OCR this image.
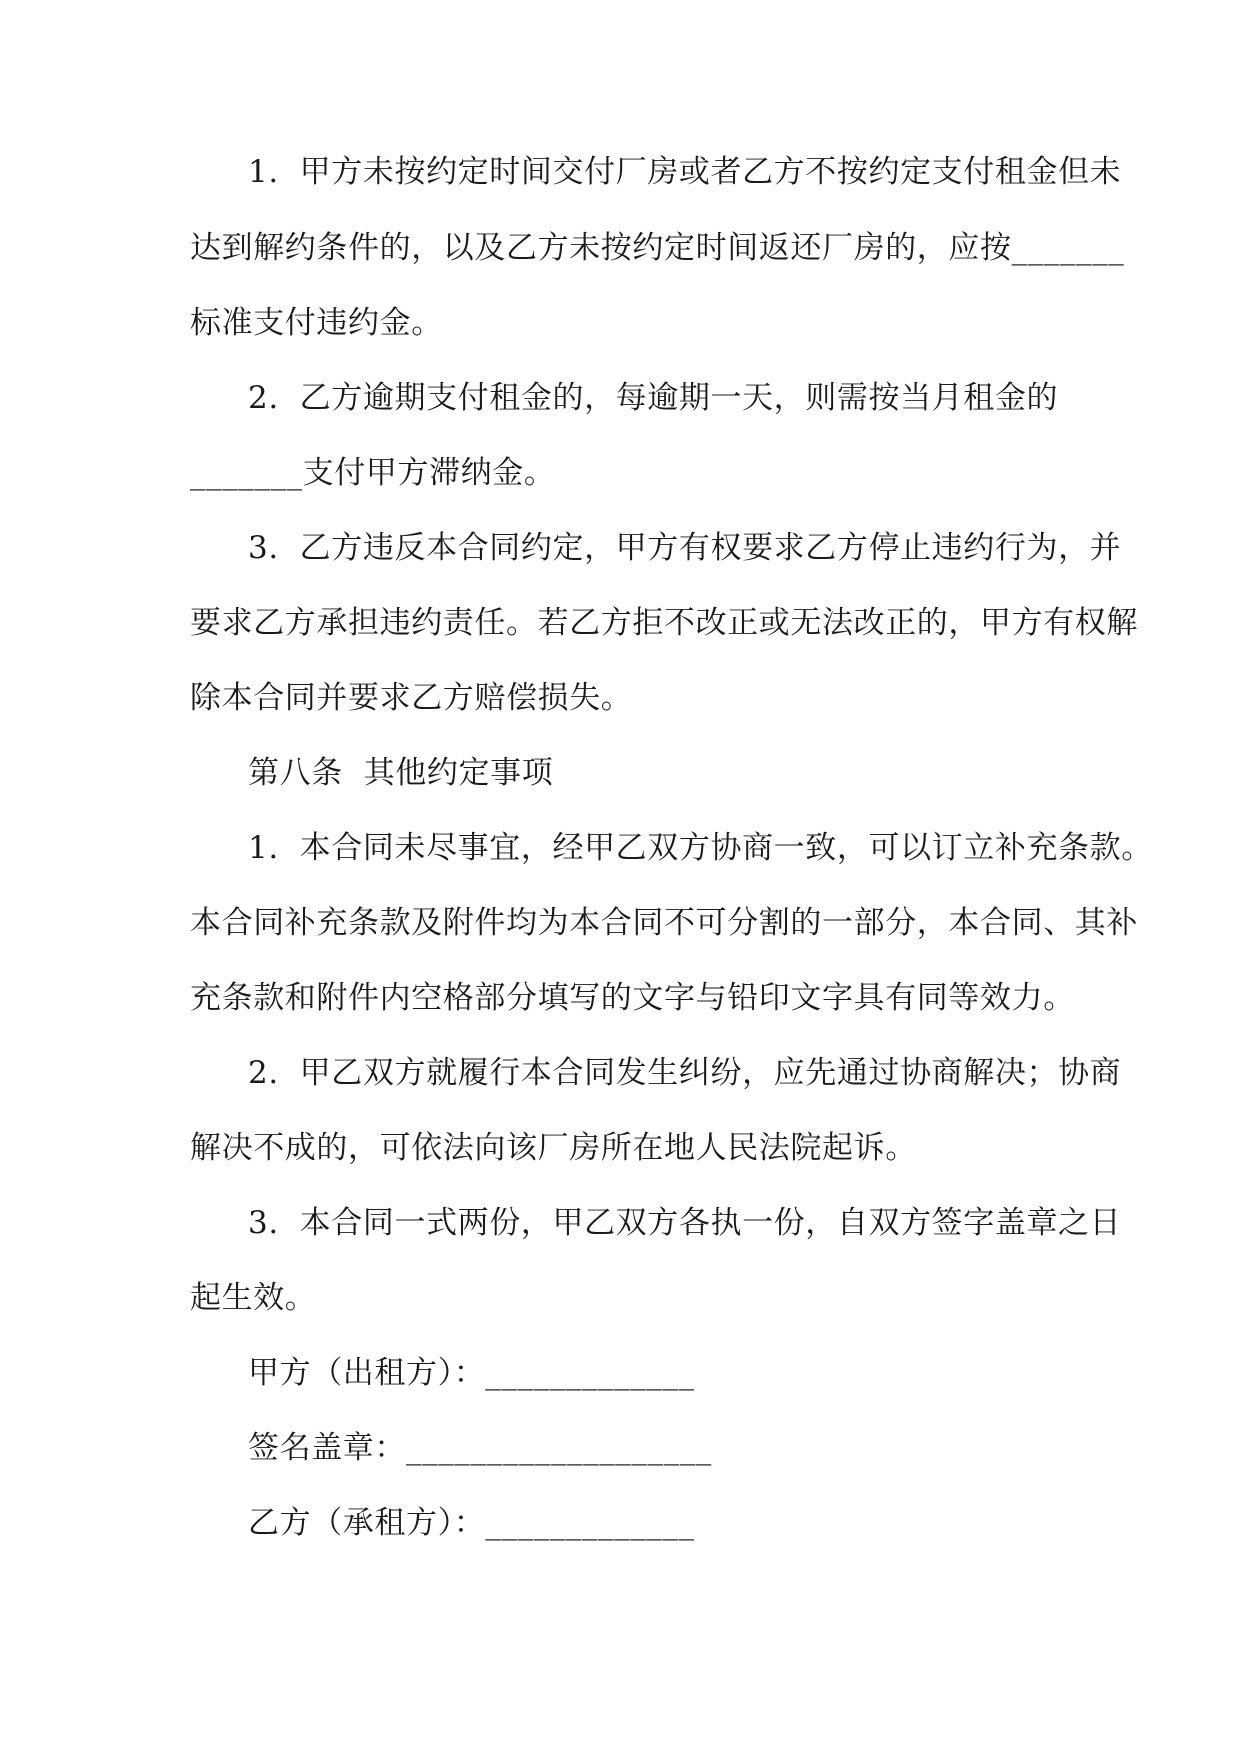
1.  甲方未按约定时间交付厂房或者乙方不按约定支付租金但未
达到解约条件的，以及乙方未按约定时间返还厂房的，应按_______
标准支付违约金。
2.  乙方逾期支付租金的，每逾期一天，则需按当月租金的
_______支付甲方滞纳金。
3.  乙方违反本合同约定，甲方有权要求乙方停止违约行为，并
要求乙方承担违约责任。若乙方拒不改正或无法改正的，甲方有权解
除本合同并要求乙方赔偿损失。
第八条  其他约定事项
1.  本合同未尽事宜，经甲乙双方协商一致，可以订立补充条款。
本合同补充条款及附件均为本合同不可分割的一部分，本合同、其补
充条款和附件内空格部分填写的文字与铅印文字具有同等效力。
2.  甲乙双方就履行本合同发生纠纷，应先通过协商解决；协商
解决不成的，可依法向该厂房所在地人民法院起诉。
3.  本合同一式两份，甲乙双方各执一份，自双方签字盖章之日
起生效。
甲方（出租方）：_____________
签名盖章：___________________
乙方（承租方）：_____________
